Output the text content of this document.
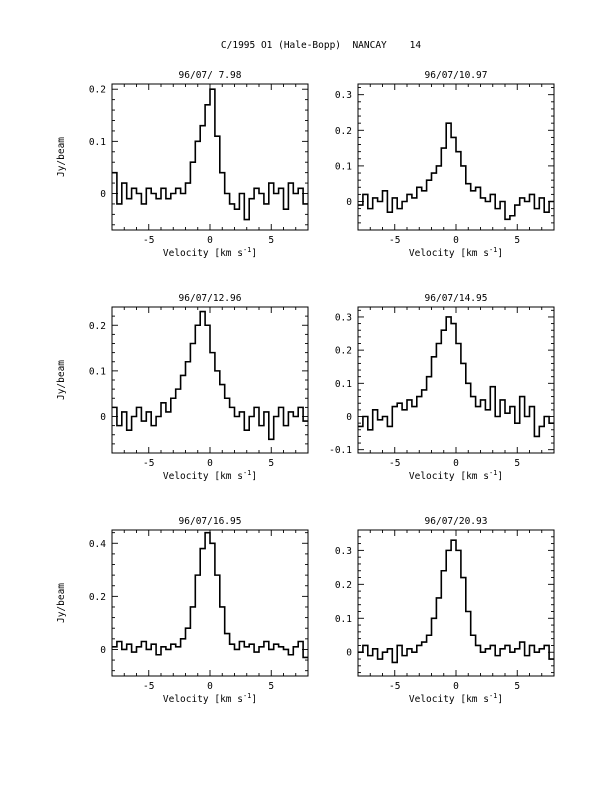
C/1995 O1 (Hale-Bopp)  NANCAY    14
96/07/ 7.98
-5	0	5
0
0.1
0.2
Velocity [km $s^{-1}$]
Jy/beam
96/07/10.97
-5	0	5
0
0.1
0.2
0.3
Velocity [km $s^{-1}$]
96/07/12.96
-5	0	5
0
0.1
0.2
Velocity [km $s^{-1}$]
Jy/beam
96/07/14.95
-5	0	5
-0.1
0
0.1
0.2
0.3
Velocity [km $s^{-1}$]
96/07/16.95
-5	0	5
0
0.2
0.4
Velocity [km $s^{-1}$]
Jy/beam
96/07/20.93
-5	0	5
0
0.1
0.2
0.3
Velocity [km $s^{-1}$]
